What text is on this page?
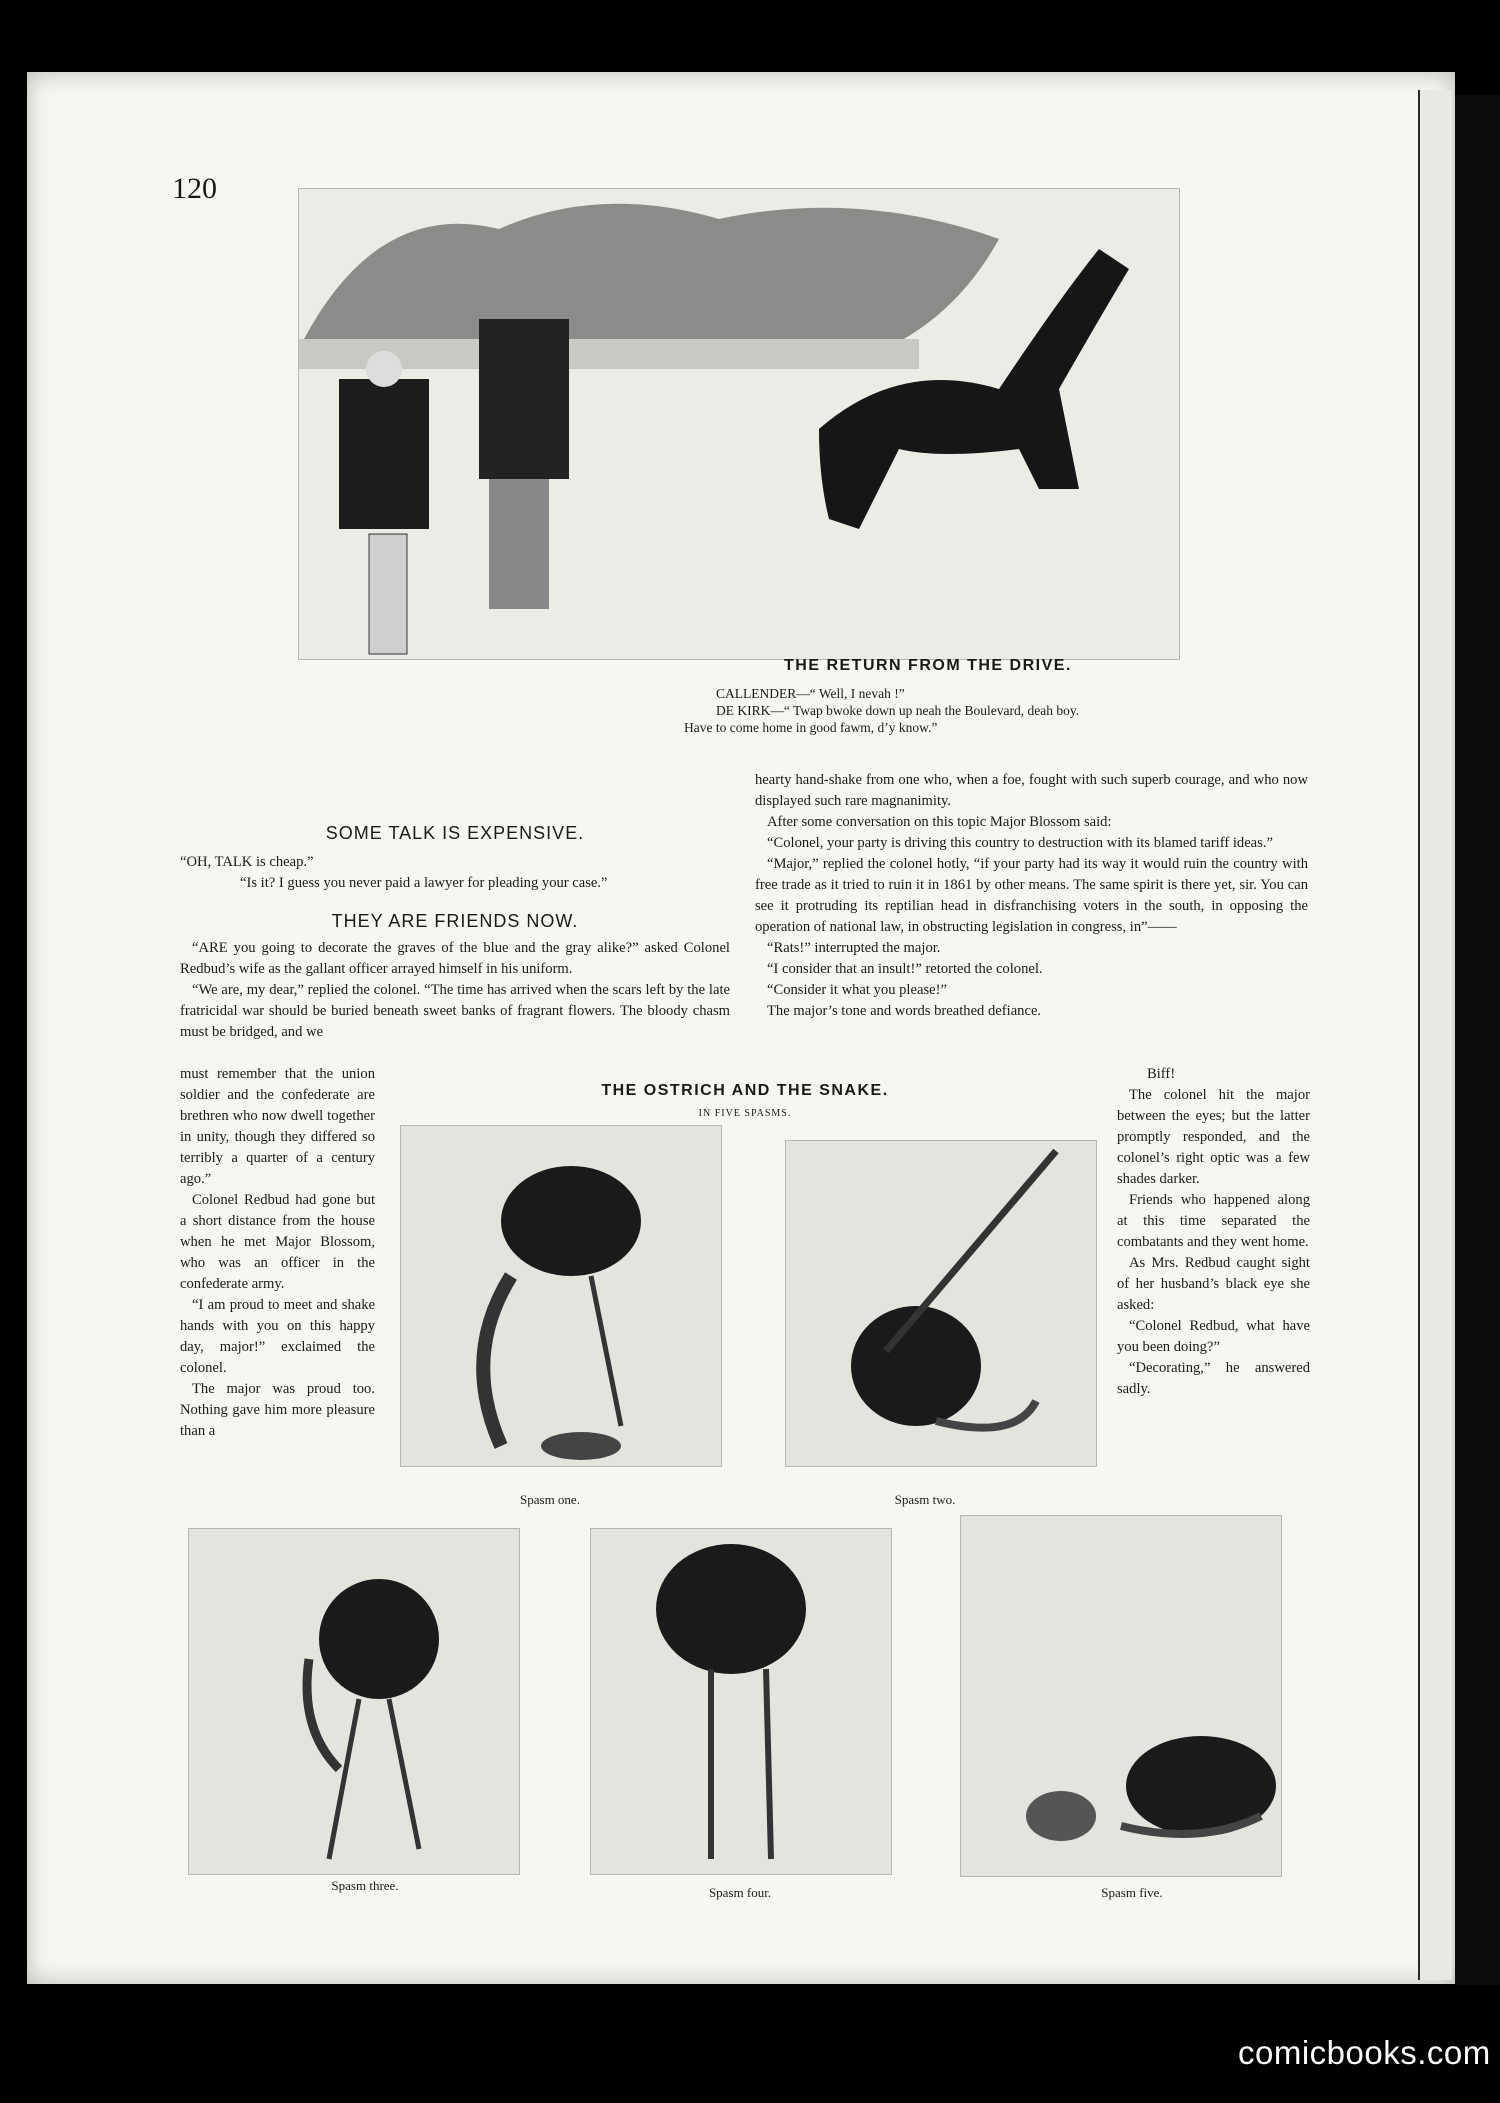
120
THE RETURN FROM THE DRIVE.
CALLENDER—“ Well, I nevah !”
DE KIRK—“ Twap bwoke down up neah the Boulevard, deah boy.
Have to come home in good fawm, d’y know.”
SOME TALK IS EXPENSIVE.
“OH, TALK is cheap.”
“Is it? I guess you never paid a lawyer for pleading your case.”
THEY ARE FRIENDS NOW.

“ARE you going to decorate the graves of the blue and the gray alike?” asked Colonel Redbud’s wife as the gallant officer arrayed himself in his uniform.

“We are, my dear,” replied the colonel. “The time has arrived when the scars left by the late fratricidal war should be buried beneath sweet banks of fragrant flowers. The bloody chasm must be bridged, and we

must remember that the union soldier and the confederate are brethren who now dwell together in unity, though they differed so terribly a quarter of a century ago.”

Colonel Redbud had gone but a short distance from the house when he met Major Blossom, who was an officer in the confederate army.

“I am proud to meet and shake hands with you on this happy day, major!” exclaimed the colonel.

The major was proud too. Nothing gave him more pleasure than a

hearty hand-shake from one who, when a foe, fought with such superb courage, and who now displayed such rare magnanimity.

After some conversation on this topic Major Blossom said:

“Colonel, your party is driving this country to destruction with its blamed tariff ideas.”

“Major,” replied the colonel hotly, “if your party had its way it would ruin the country with free trade as it tried to ruin it in 1861 by other means. The same spirit is there yet, sir. You can see it protruding its reptilian head in disfranchising voters in the south, in opposing the operation of national law, in obstructing legislation in congress, in”——

“Rats!” interrupted the major.

“I consider that an insult!” retorted the colonel.

“Consider it what you please!”

The major’s tone and words breathed defiance.

Biff!

The colonel hit the major between the eyes; but the latter promptly responded, and the colonel’s right optic was a few shades darker.

Friends who happened along at this time separated the combatants and they went home.

As Mrs. Redbud caught sight of her husband’s black eye she asked:

“Colonel Redbud, what have you been doing?”

“Decorating,” he answered sadly.

THE OSTRICH AND THE SNAKE.
IN FIVE SPASMS.
Spasm one.	Spasm two.
Spasm three.	Spasm four.	Spasm five.
comicbooks.com
